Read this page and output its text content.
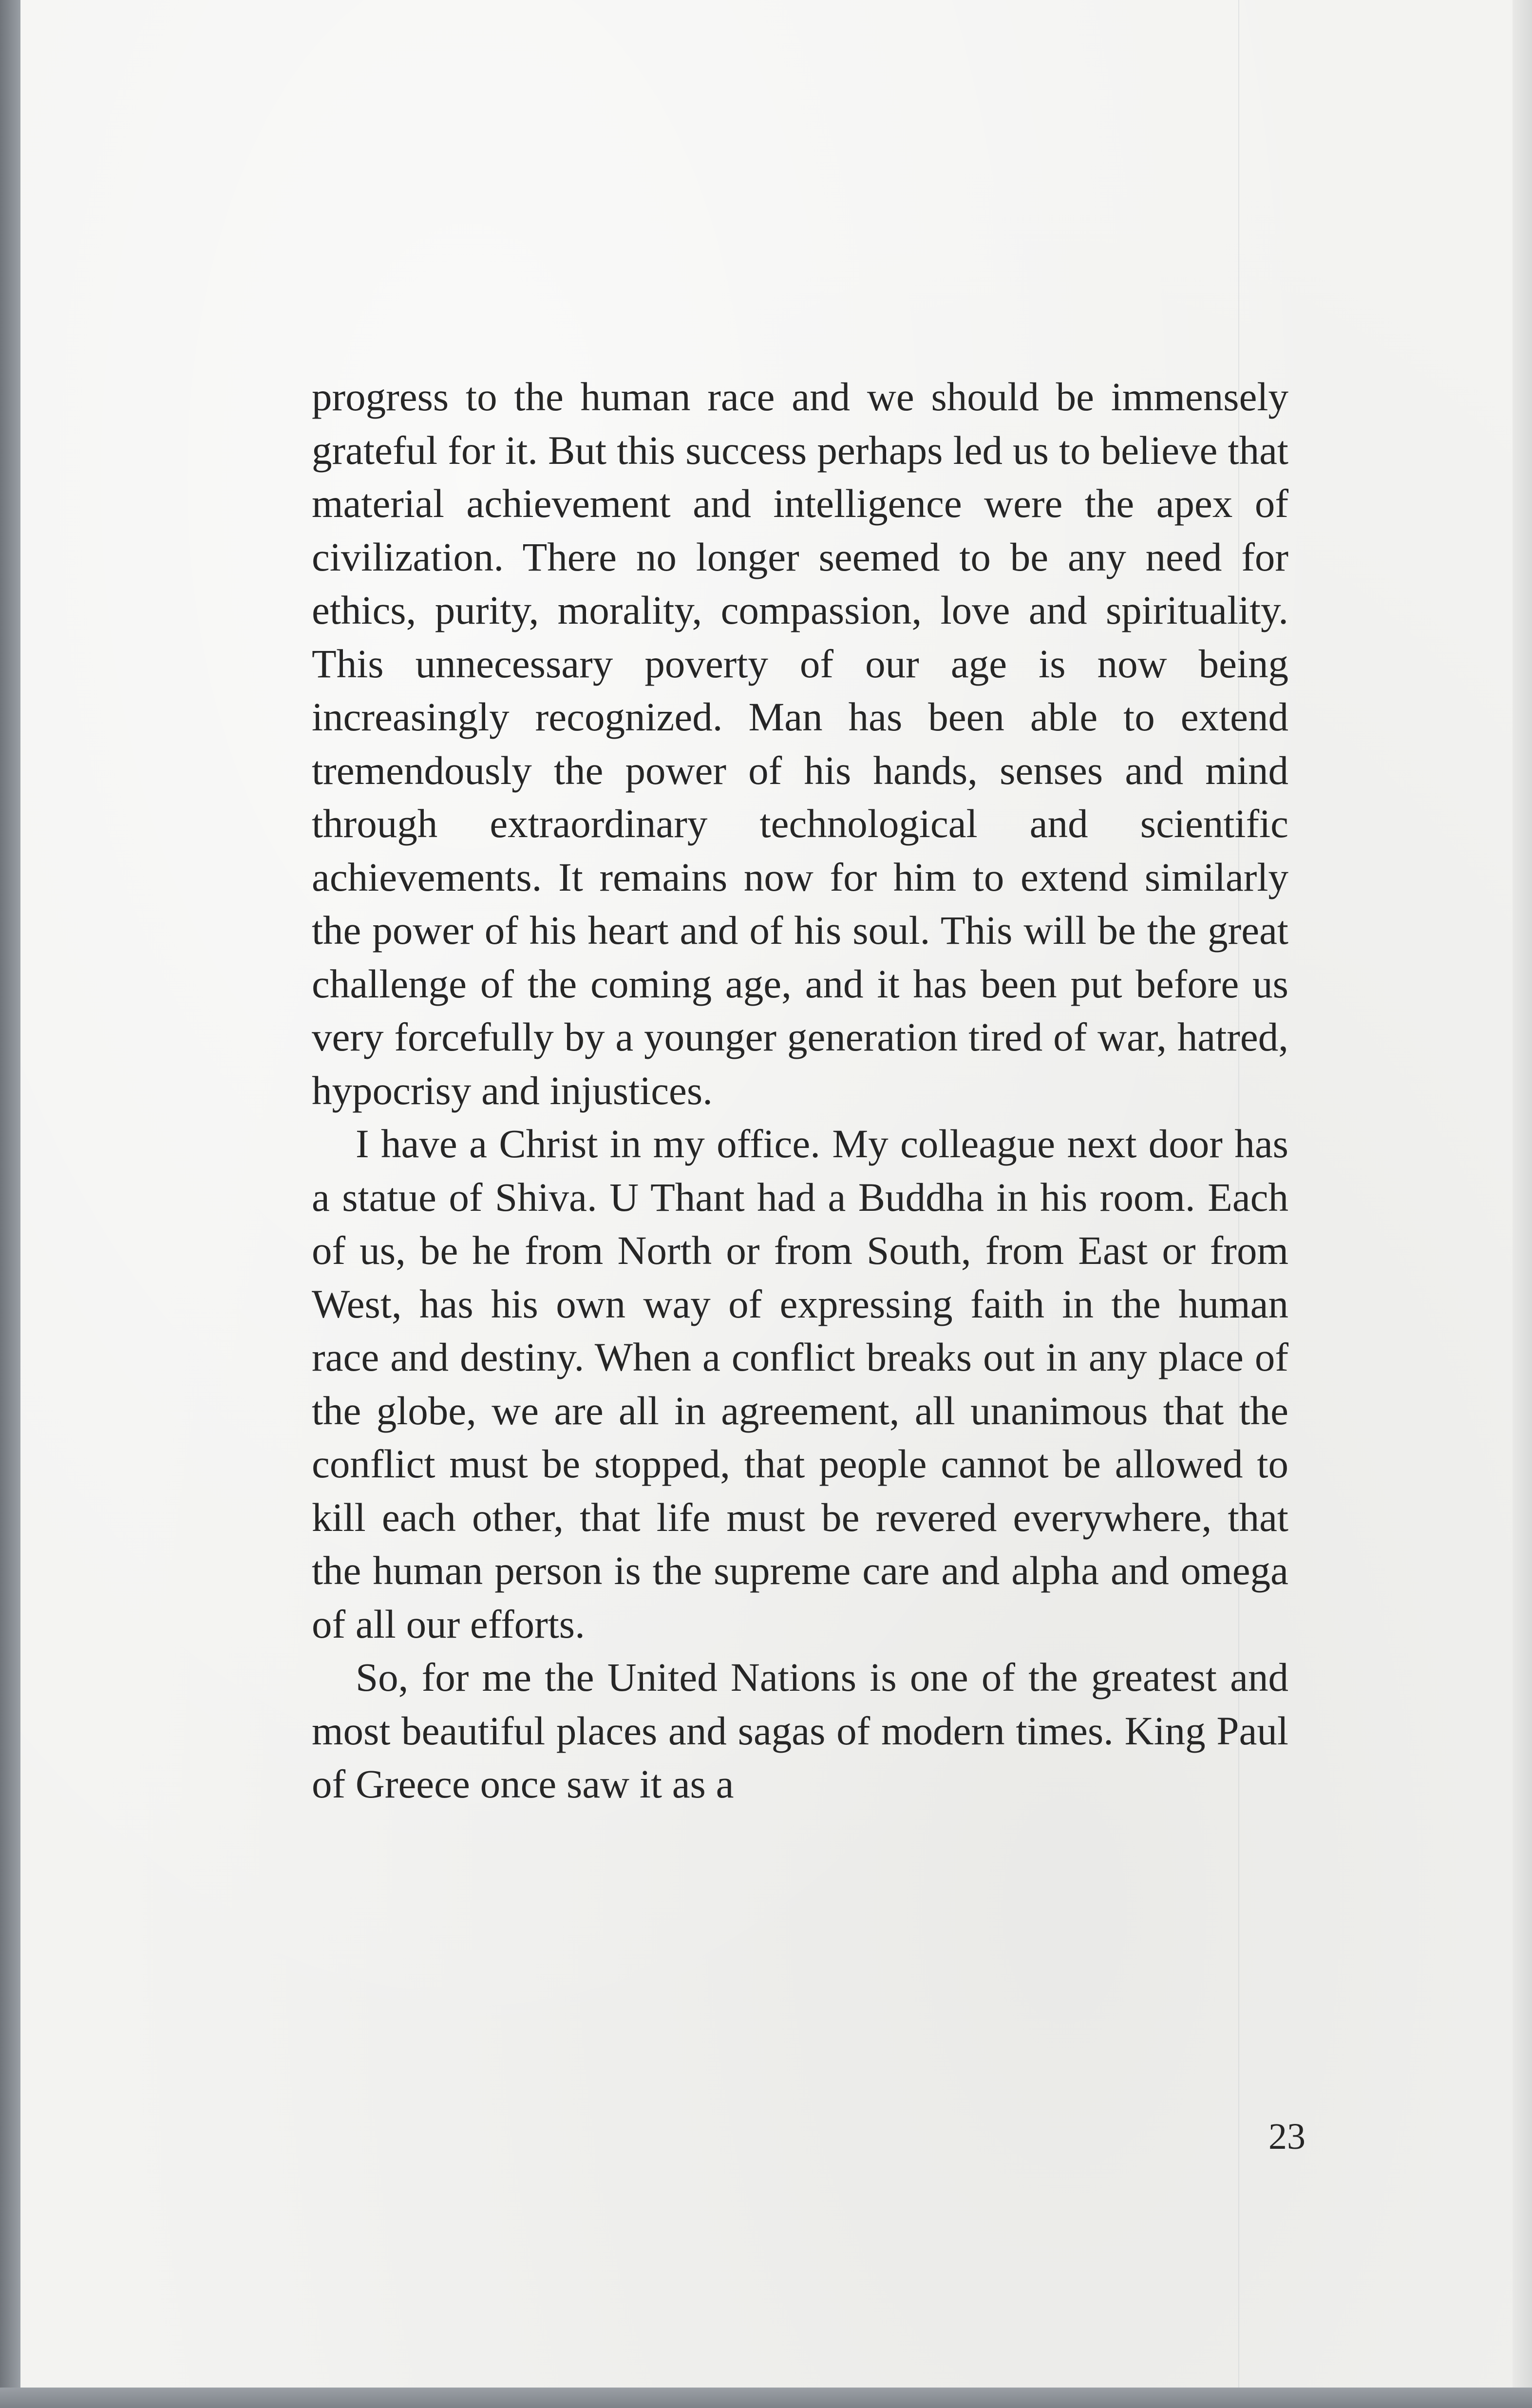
progress to the human race and we should be immensely grateful for it. But this success perhaps led us to believe that material achievement and intelligence were the apex of civilization. There no longer seemed to be any need for ethics, purity, morality, compassion, love and spirituality. This unnecessary poverty of our age is now being increasingly recognized. Man has been able to extend tremendously the power of his hands, senses and mind through extraordinary technological and scientific achievements. It remains now for him to extend similarly the power of his heart and of his soul. This will be the great challenge of the coming age, and it has been put before us very forcefully by a younger generation tired of war, hatred, hypocrisy and injustices.

I have a Christ in my office. My colleague next door has a statue of Shiva. U Thant had a Buddha in his room. Each of us, be he from North or from South, from East or from West, has his own way of expressing faith in the human race and destiny. When a conflict breaks out in any place of the globe, we are all in agreement, all unanimous that the conflict must be stopped, that people cannot be allowed to kill each other, that life must be revered everywhere, that the human person is the supreme care and alpha and omega of all our efforts.

So, for me the United Nations is one of the greatest and most beautiful places and sagas of modern times. King Paul of Greece once saw it as a

23
